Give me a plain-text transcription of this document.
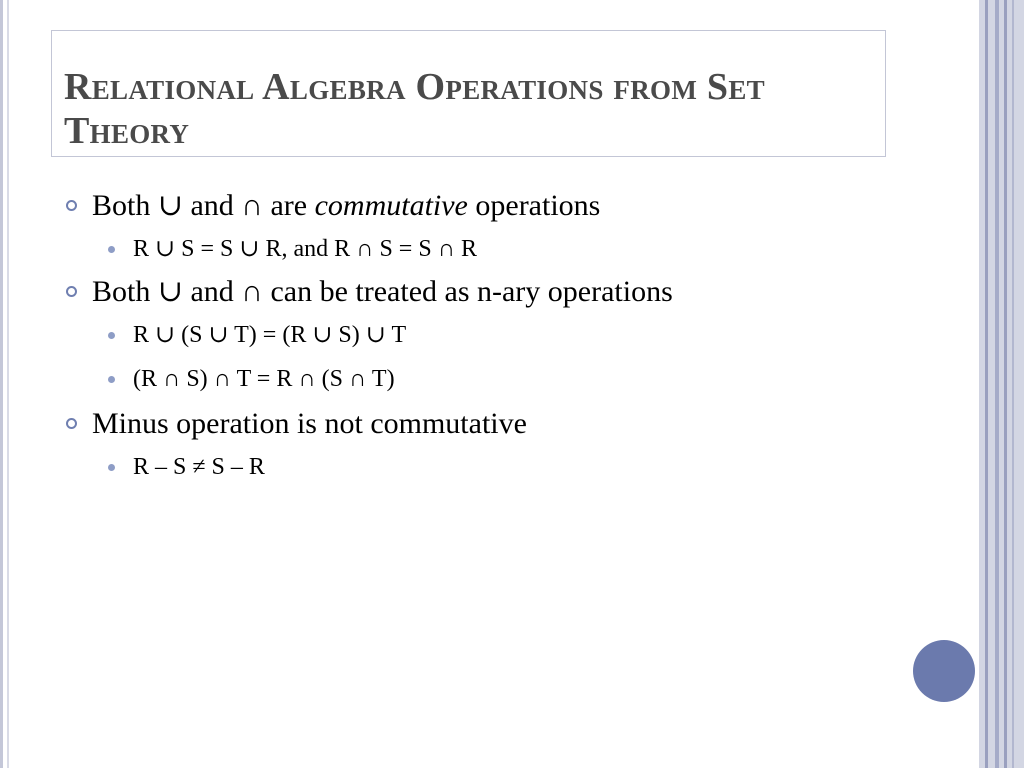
Relational Algebra Operations from Set Theory
Both ∪ and ∩ are commutative operations
R ∪ S = S ∪ R, and R ∩ S = S ∩ R
Both ∪ and ∩ can be treated as n-ary operations
R ∪ (S ∪ T) = (R ∪ S) ∪ T
(R ∩ S) ∩ T = R ∩ (S ∩ T)
Minus operation is not commutative
R – S ≠ S – R
